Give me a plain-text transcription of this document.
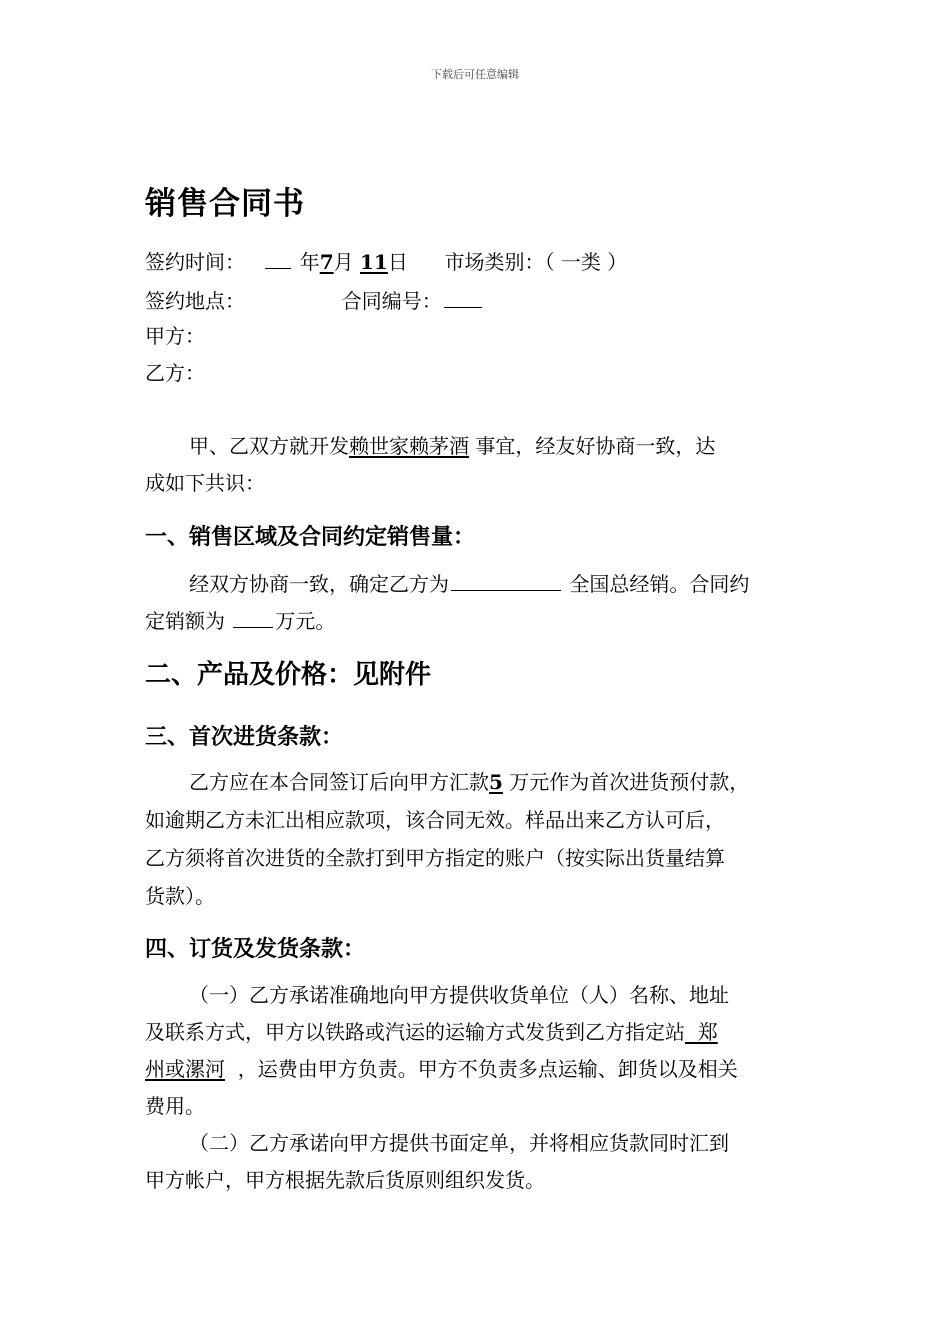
下载后可任意编辑
销售合同书
签约时间：	年7月 11日 市场类别：（ 一类 ）
签约地点：	合同编号：
甲方：
乙方：
甲、乙双方就开发赖世家赖茅酒 事宜，经友好协商一致，达
成如下共识：
一、销售区域及合同约定销售量：
经双方协商一致，确定乙方为	全国总经销。合同约
定销额为	万元。
二、产品及价格：见附件
三、首次进货条款：
乙方应在本合同签订后向甲方汇款5 万元作为首次进货预付款，
如逾期乙方未汇出相应款项，该合同无效。样品出来乙方认可后，
乙方须将首次进货的全款打到甲方指定的账户（按实际出货量结算
货款）。
四、订货及发货条款：
（一）乙方承诺准确地向甲方提供收货单位（人）名称、地址
及联系方式，甲方以铁路或汽运的运输方式发货到乙方指定站 郑
州或漯河 ，运费由甲方负责。甲方不负责多点运输、卸货以及相关
费用。
（二）乙方承诺向甲方提供书面定单，并将相应货款同时汇到
甲方帐户，甲方根据先款后货原则组织发货。
